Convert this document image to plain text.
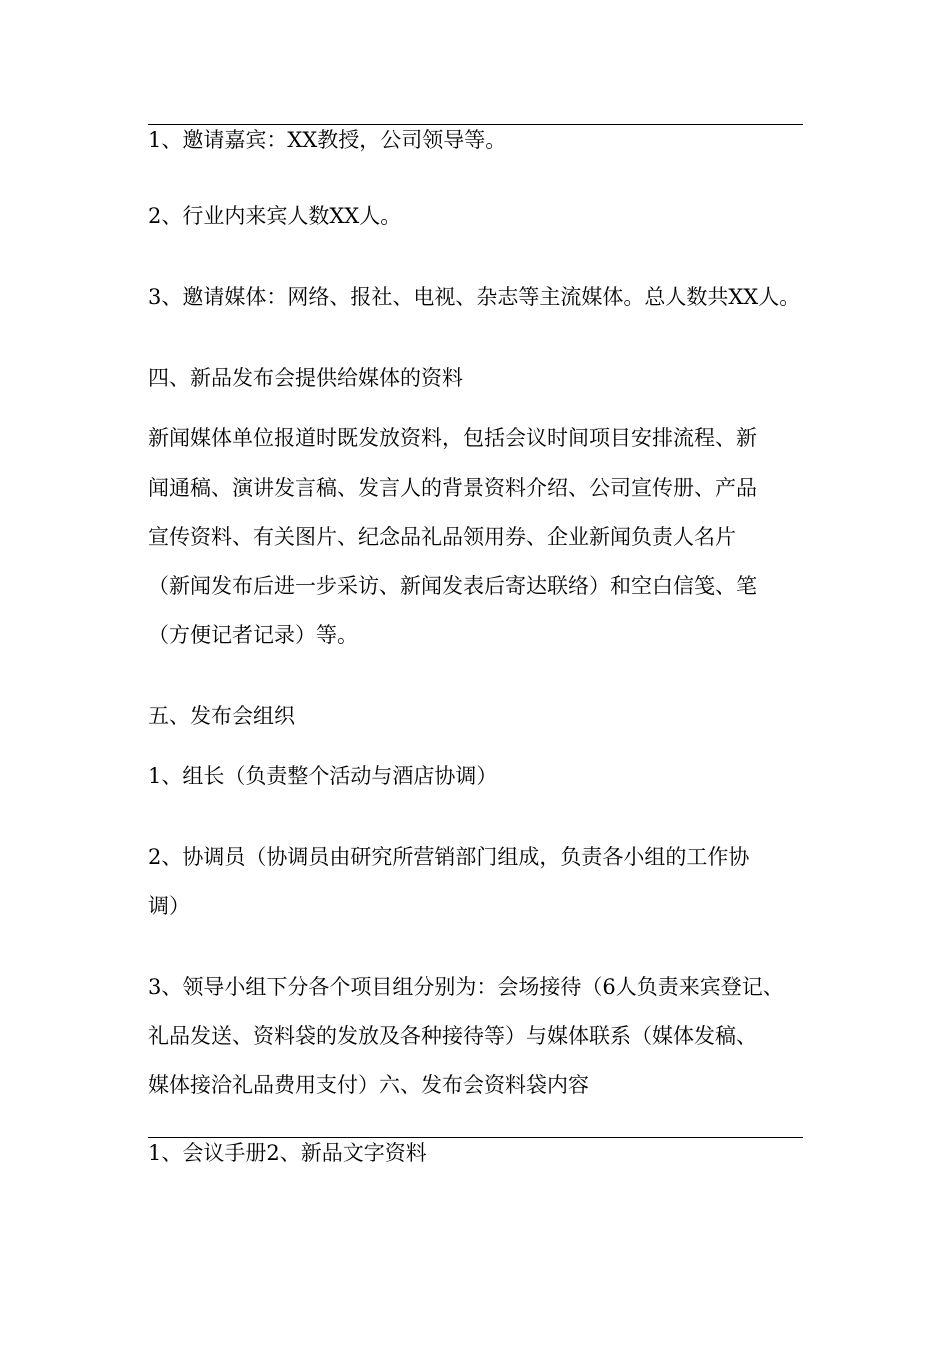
1、邀请嘉宾：XX教授，公司领导等。
2、行业内来宾人数XX人。
3、邀请媒体：网络、报社、电视、杂志等主流媒体。总人数共XX人。
四、新品发布会提供给媒体的资料
新闻媒体单位报道时既发放资料，包括会议时间项目安排流程、新
闻通稿、演讲发言稿、发言人的背景资料介绍、公司宣传册、产品
宣传资料、有关图片、纪念品礼品领用券、企业新闻负责人名片
（新闻发布后进一步采访、新闻发表后寄达联络）和空白信笺、笔
（方便记者记录）等。
五、发布会组织
1、组长（负责整个活动与酒店协调）
2、协调员（协调员由研究所营销部门组成，负责各小组的工作协
调）
3、领导小组下分各个项目组分别为：会场接待（6人负责来宾登记、
礼品发送、资料袋的发放及各种接待等）与媒体联系（媒体发稿、
媒体接洽礼品费用支付）六、发布会资料袋内容
1、会议手册2、新品文字资料
